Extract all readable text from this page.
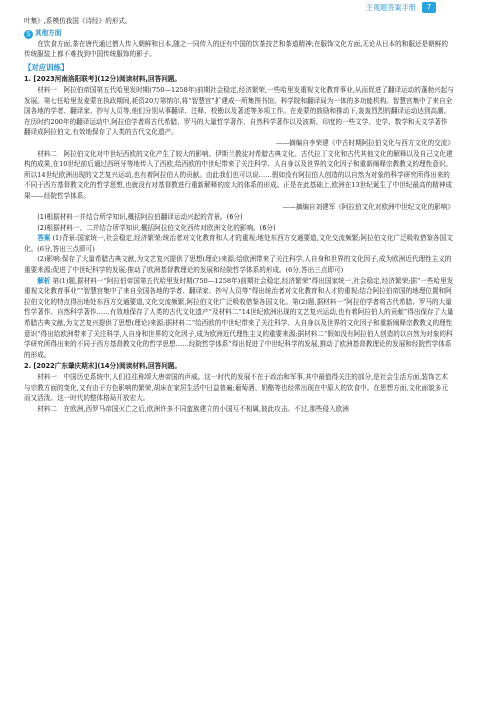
主观题答案手册	7

叶集》,系模仿我国《诗经》的形式。

5 其他方面

在饮食方面,茶在唐代通过僧人传入朝鲜和日本,随之一同传入的还有中国的饮茶技艺和茶道精神;在服饰文化方面,无论从日本的和服还是朝鲜的传统服装上都不难找到中国传统服饰的影子。

【对应训练】

1. [2023河南洛阳联考](12分)阅读材料,回答问题。

材料一　阿拉伯帝国第五代哈里发时期(750—1258年)前期社会稳定,经济繁荣,一些哈里发重视文化教育事业,从而促进了翻译运动的蓬勃兴起与发展。第七任哈里发麦蒙在执政期间,耗资20万第纳尔,将“智慧宫”扩建成一所集图书馆、科学院和翻译局为一体的多功能机构。智慧宫集中了来自全国各地的学者、翻译家、抄写人员等,他们分别从事翻译、注释、校勘以及著述等多项工作。在麦蒙的鼓励和推动下,轰轰烈烈的翻译运动达到高潮。在历时约200年的翻译运动中,阿拉伯学者将古代希腊、罗马的大量哲学著作、自然科学著作以及波斯、印度的一些文学、史学、数学和天文学著作翻译成阿拉伯文,有效地保存了人类的古代文化遗产。

——摘编自李荣建《中古时期阿拉伯文化与西方文化的交流》

材料二　阿拉伯文化对中世纪西欧的文化产生了较大的影响。伊斯兰教徒对希腊古典文化、古代拉丁文化和古代其他文化的解释以及自己文化建构的成果,在10世纪前后通过西班牙等地传入了西欧,给西欧的中世纪带来了关注科学、人自身以及世界的文化因子和重新阐释宗教教义的理性意识。所以14世纪欧洲出现的文艺复兴运动,也有着阿拉伯人的贡献。由此我们也可以说……假如没有阿拉伯人创造的以自然为对象的科学研究所得出来的不同于西方基督教文化的哲学思想,也就没有对基督教进行重新解释的庞大的体系的形成。正是在此基础上,欧洲在13世纪诞生了中世纪最高的精神成果——经院哲学体系。

——摘编自刘建军《阿拉伯文化对欧洲中世纪文化的影响》

(1)根据材料一并结合所学知识,概括阿拉伯翻译运动兴起的背景。(6分)

(2)根据材料一、二并结合所学知识,概括阿拉伯文化西传对欧洲文化的影响。(6分)

答案 (1)背景:国家统一,社会稳定,经济繁荣;统治者对文化教育和人才的重视;地处东西方交通要道,文化交流频繁;阿拉伯文化广泛吸收借鉴各国文化。(6分,答出三点即可)

(2)影响:保存了大量希腊古典文献,为文艺复兴提供了思想(理论)来源;给欧洲带来了关注科学,人自身和世界的文化因子,成为欧洲近代理性主义的重要来源;促进了中世纪科学的发展;推动了欧洲基督教理论的发展和经院哲学体系的形成。(6分,答出三点即可)

解析 第(1)题,据材料一“阿拉伯帝国第五代哈里发时期(750—1258年)前期社会稳定,经济繁荣”得出国家统一,社会稳定,经济繁荣;据“一些哈里发重视文化教育事业”“智慧宫集中了来自全国各地的学者、翻译家、抄写人员等”得出统治者对文化教育和人才的重视;结合阿拉伯帝国的地理位置和阿拉伯文化的特点得出地处东西方交通要道,文化交流频繁,阿拉伯文化广泛吸收借鉴各国文化。第(2)题,据材料一“阿拉伯学者将古代希腊、罗马的大量哲学著作、自然科学著作……有效地保存了人类的古代文化遗产”及材料二“14世纪欧洲出现的文艺复兴运动,也有着阿拉伯人的贡献”得出保存了大量希腊古典文献,为文艺复兴提供了思想(理论)来源;据材料二“给西欧的中世纪带来了关注科学、人自身以及世界的文化因子和重新阐释宗教教义的理性意识”得出给欧洲带来了关注科学,人自身和世界的文化因子,成为欧洲近代理性主义的重要来源;据材料二“假如没有阿拉伯人创造的以自然为对象的科学研究所得出来的不同于西方基督教文化的哲学思想……经院哲学体系”得出促进了中世纪科学的发展,推动了欧洲基督教理论的发展和经院哲学体系的形成。

2. [2022广东肇庆期末](14分)阅读材料,回答问题。

材料一　中国历史系统中,人们往往称颂大唐帝国的声威。这一时代的发展不在于政治和军事,其中最值得关注的部分,是社会生活方面,装饰艺术与宗教方面的变化,又有由于方色影响的繁荣,胡床在家居生活中日益普遍;葡萄酒、奶酪等也经常出现在中原人的饮食中。在思想方面,文化面貌多元而又活泼。这一时代的整体格局开放宏大。

材料二　在欧洲,西罗马帝国灭亡之后,欧洲许多不同蛮族建立的小国互不相属,彼此攻击。不过,那些侵入欧洲
